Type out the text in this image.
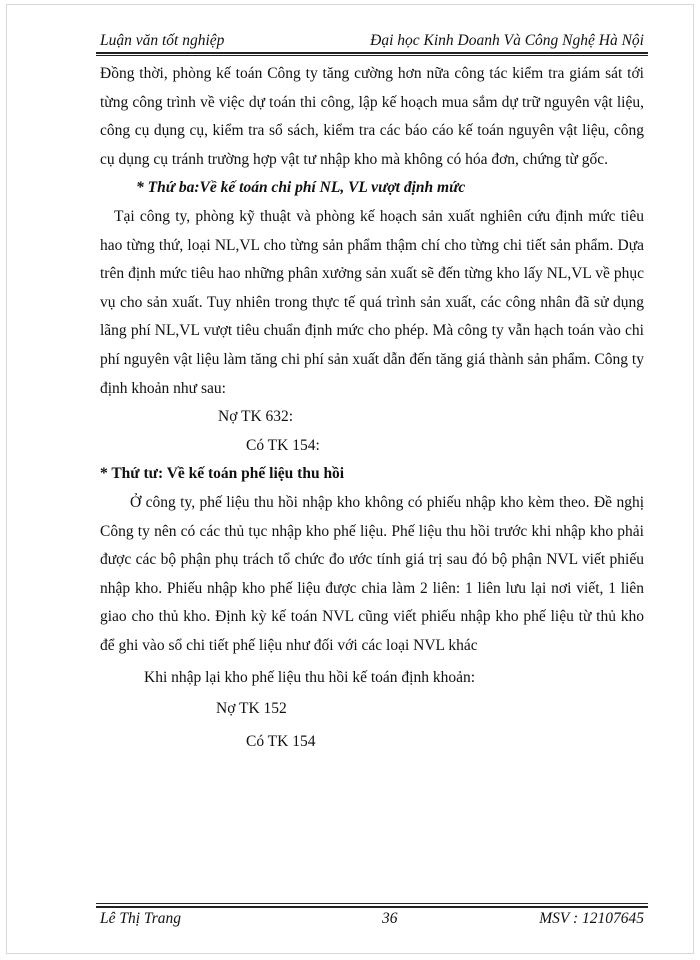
Luận văn tốt nghiệp	Đại học Kinh Doanh Và Công Nghệ Hà Nội

Đồng thời, phòng kế toán Công ty tăng cường hơn nữa công tác kiểm tra giám sát tới từng công trình về việc dự toán thi công, lập kế hoạch mua sắm dự trữ nguyên vật liệu, công cụ dụng cụ, kiểm tra sổ sách, kiểm tra các báo cáo kế toán nguyên vật liệu, công cụ dụng cụ tránh trường hợp vật tư nhập kho mà không có hóa đơn, chứng từ gốc.

* Thứ ba:Về kế toán chi phí NL, VL vượt định mức

Tại công ty, phòng kỹ thuật và phòng kế hoạch sản xuất nghiên cứu định mức tiêu hao từng thứ, loại NL,VL cho từng sản phẩm thậm chí cho từng chi tiết sản phẩm. Dựa trên định mức tiêu hao những phân xưởng sản xuất sẽ đến từng kho lấy NL,VL về phục vụ cho sản xuất. Tuy nhiên trong thực tế quá trình sản xuất, các công nhân đã sử dụng lãng phí NL,VL vượt tiêu chuẩn định mức cho phép. Mà công ty vẫn hạch toán vào chi phí nguyên vật liệu làm tăng chi phí sản xuất dẫn đến tăng giá thành sản phẩm. Công ty định khoản như sau:

Nợ TK 632:

Có TK 154:

* Thứ tư: Về kế toán phế liệu thu hồi

Ở công ty, phế liệu thu hồi nhập kho không có phiếu nhập kho kèm theo. Đề nghị Công ty nên có các thủ tục nhập kho phế liệu. Phế liệu thu hồi trước khi nhập kho phải được các bộ phận phụ trách tổ chức đo ước tính giá trị sau đó bộ phận NVL viết phiếu nhập kho. Phiếu nhập kho phế liệu được chia làm 2 liên: 1 liên lưu lại nơi viết, 1 liên giao cho thủ kho. Định kỳ kế toán NVL cũng viết phiếu nhập kho phế liệu từ thủ kho để ghi vào sổ chi tiết phế liệu như đối với các loại NVL khác

Khi nhập lại kho phế liệu thu hồi kế toán định khoản:

Nợ TK 152

Có TK 154

Lê Thị Trang	36	MSV : 12107645
